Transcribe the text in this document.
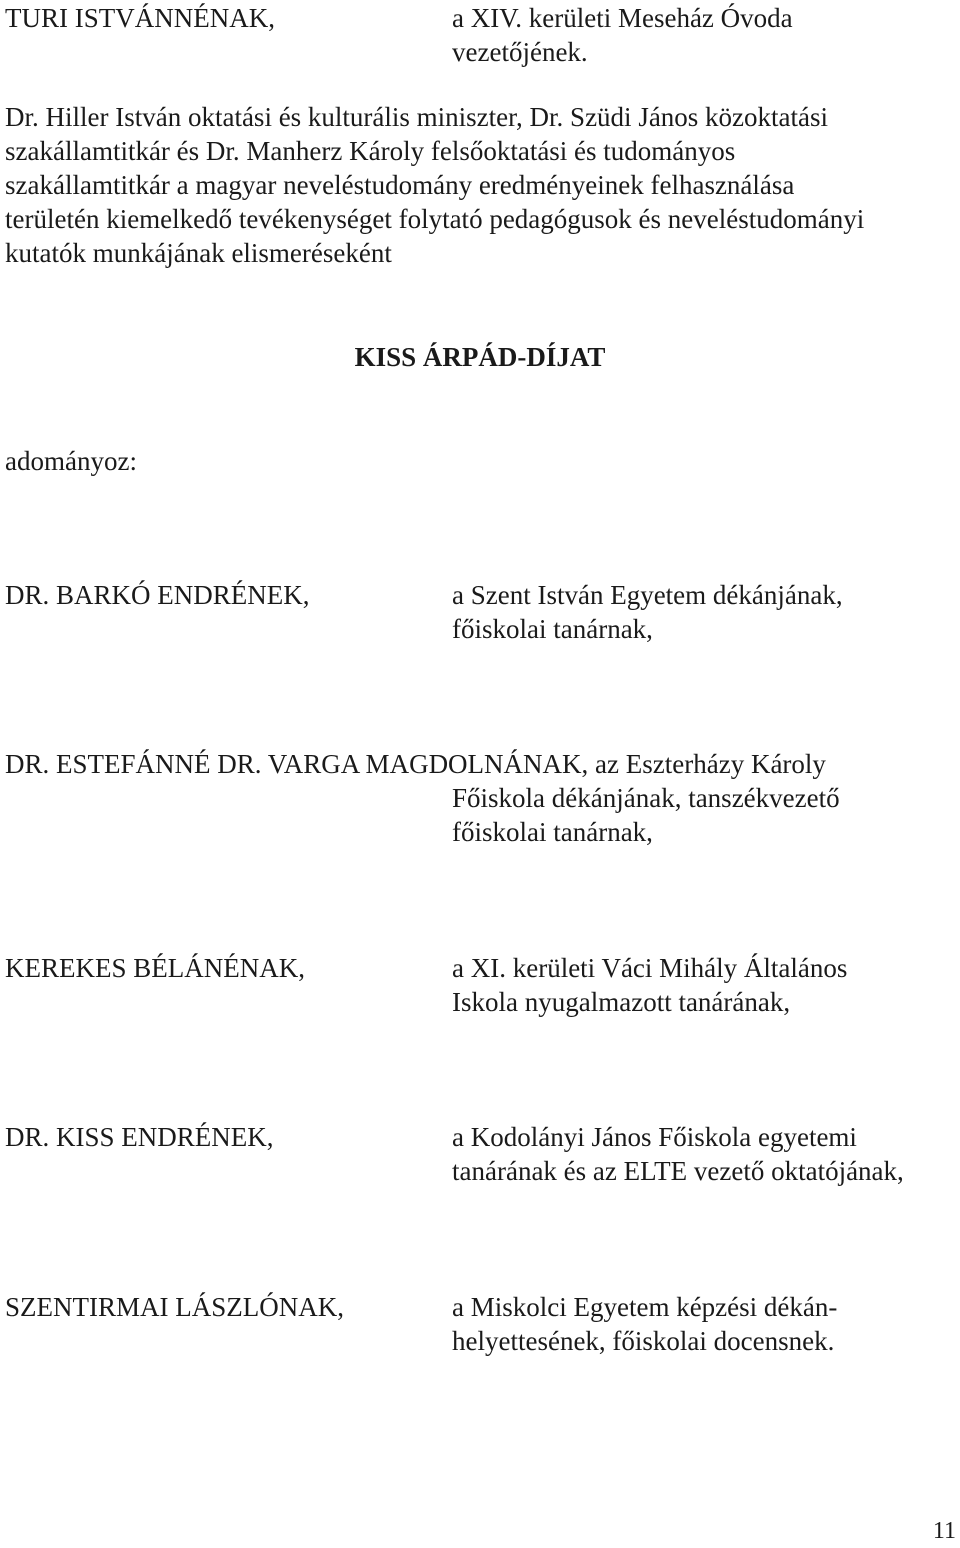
TURI ISTVÁNNÉNAK,	a XIV. kerületi Meseház Óvoda
vezetőjének.
Dr. Hiller István oktatási és kulturális miniszter, Dr. Szüdi János közoktatási
szakállamtitkár és Dr. Manherz Károly felsőoktatási és tudományos
szakállamtitkár a magyar neveléstudomány eredményeinek felhasználása
területén kiemelkedő tevékenységet folytató pedagógusok és neveléstudományi
kutatók munkájának elismeréseként
KISS ÁRPÁD-DÍJAT
adományoz:
DR. BARKÓ ENDRÉNEK,	a Szent István Egyetem dékánjának,
főiskolai tanárnak,
DR. ESTEFÁNNÉ DR. VARGA MAGDOLNÁNAK, az Eszterházy Károly
Főiskola dékánjának, tanszékvezető
főiskolai tanárnak,
KEREKES BÉLÁNÉNAK,	a XI. kerületi Váci Mihály Általános
Iskola nyugalmazott tanárának,
DR. KISS ENDRÉNEK,	a Kodolányi János Főiskola egyetemi
tanárának és az ELTE vezető oktatójának,
SZENTIRMAI LÁSZLÓNAK,	a Miskolci Egyetem képzési dékán-
helyettesének, főiskolai docensnek.
11
